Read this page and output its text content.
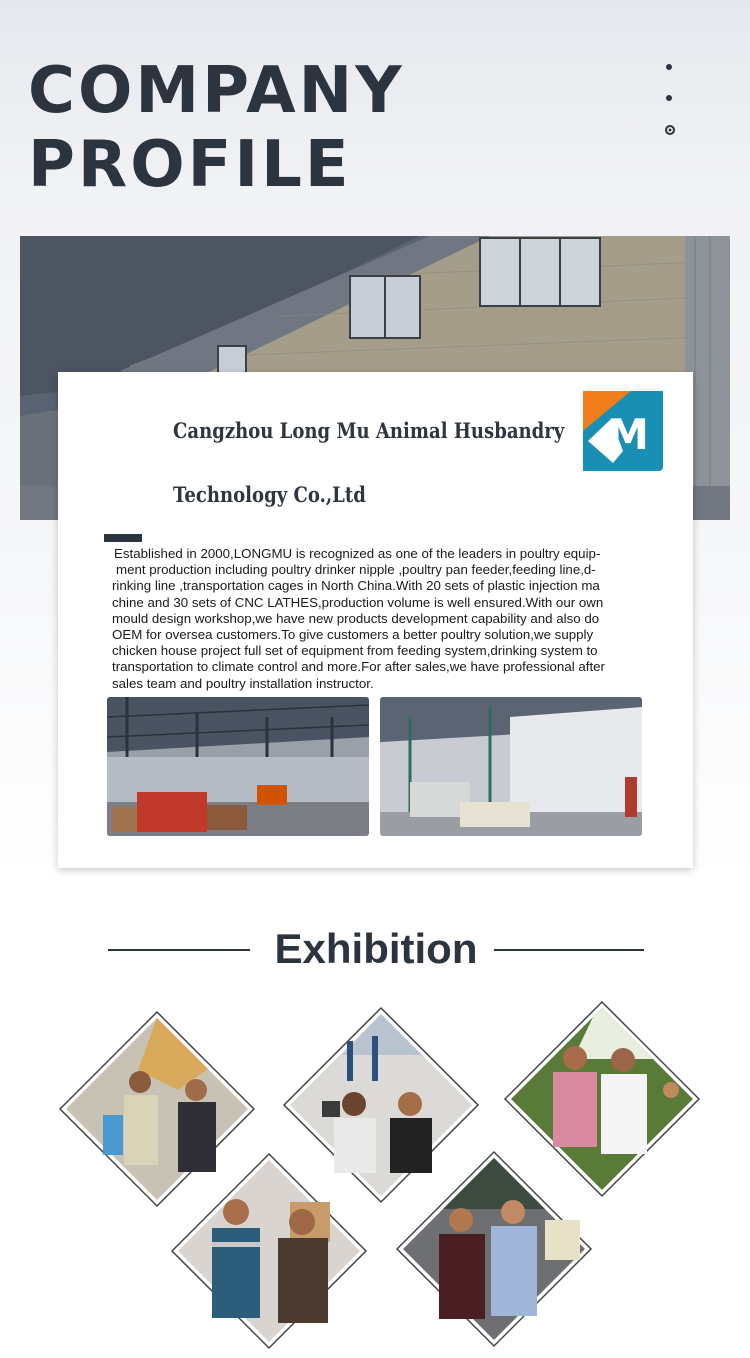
COMPANY
PROFILE

Cangzhou Long Mu Animal Husbandry

Technology Co.,Ltd

M

Established in 2000,LONGMU is recognized as one of the leaders in poultry equip-
ment production including poultry drinker nipple ,poultry pan feeder,feeding line,d-
rinking line ,transportation cages in North China.With 20 sets of plastic injection ma
chine and 30 sets of CNC LATHES,production volume is well ensured.With our own
mould design workshop,we have new products development capability and also do
OEM for oversea customers.To give customers a better poultry solution,we supply
chicken house project full set of equipment from feeding system,drinking system to
transportation to climate control and more.For after sales,we have professional after
sales team and poultry installation instructor.

Exhibition
